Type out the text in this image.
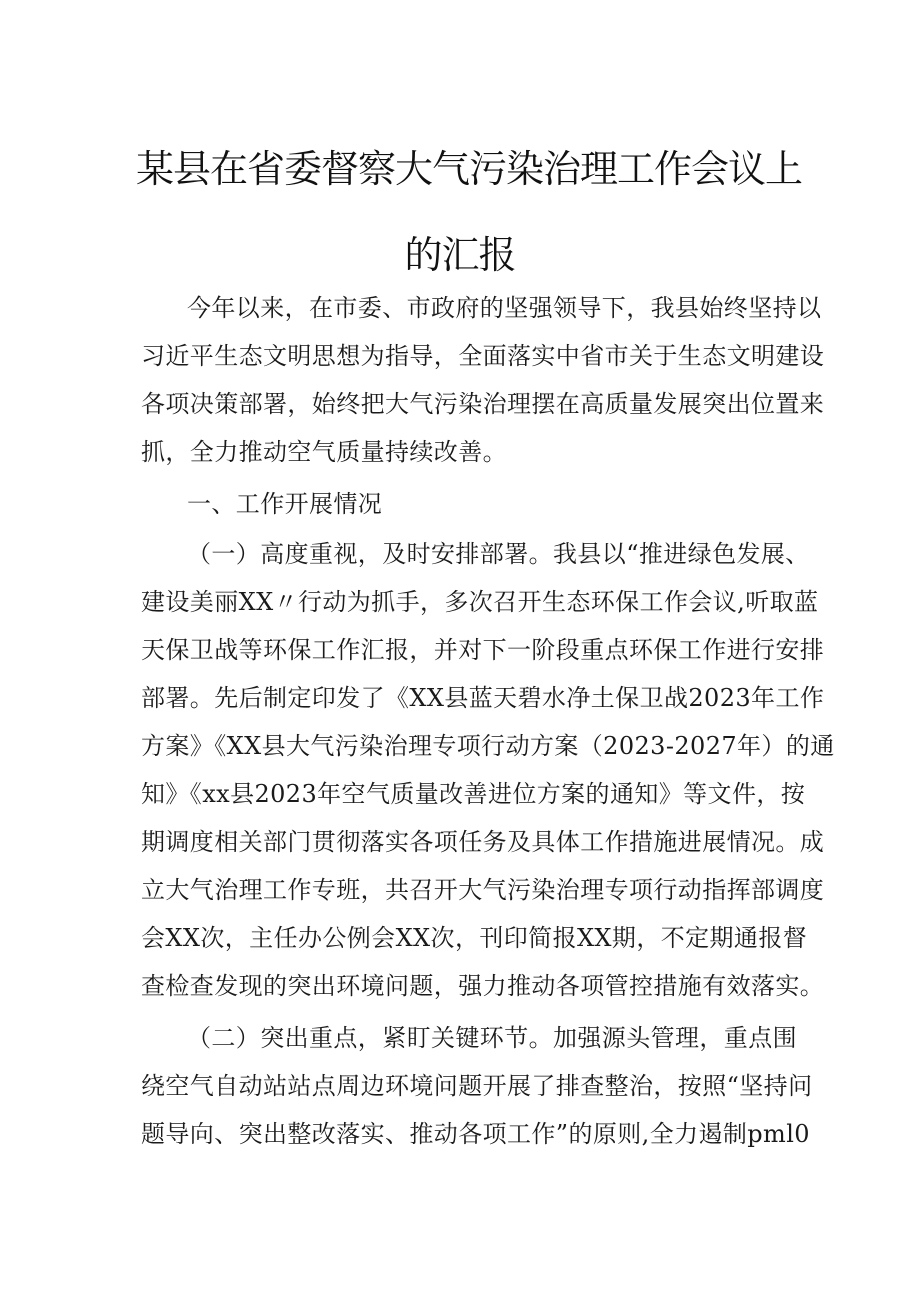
某县在省委督察大气污染治理工作会议上
的汇报
今年以来，在市委、市政府的坚强领导下，我县始终坚持以
习近平生态文明思想为指导，全面落实中省市关于生态文明建设
各项决策部署，始终把大气污染治理摆在高质量发展突出位置来
抓，全力推动空气质量持续改善。
一、工作开展情况
（一）高度重视，及时安排部署。我县以“推进绿色发展、
建设美丽XX〃行动为抓手，多次召开生态环保工作会议,听取蓝
天保卫战等环保工作汇报，并对下一阶段重点环保工作进行安排
部署。先后制定印发了《XX县蓝天碧水净土保卫战2023年工作
方案》《XX县大气污染治理专项行动方案（2023-2027年）的通
知》《xx县2023年空气质量改善进位方案的通知》等文件，按
期调度相关部门贯彻落实各项任务及具体工作措施进展情况。成
立大气治理工作专班，共召开大气污染治理专项行动指挥部调度
会XX次，主任办公例会XX次，刊印简报XX期，不定期通报督
查检查发现的突出环境问题，强力推动各项管控措施有效落实。
（二）突出重点，紧盯关键环节。加强源头管理，重点围
绕空气自动站站点周边环境问题开展了排查整治，按照“坚持问
题导向、突出整改落实、推动各项工作”的原则,全力遏制pml0
